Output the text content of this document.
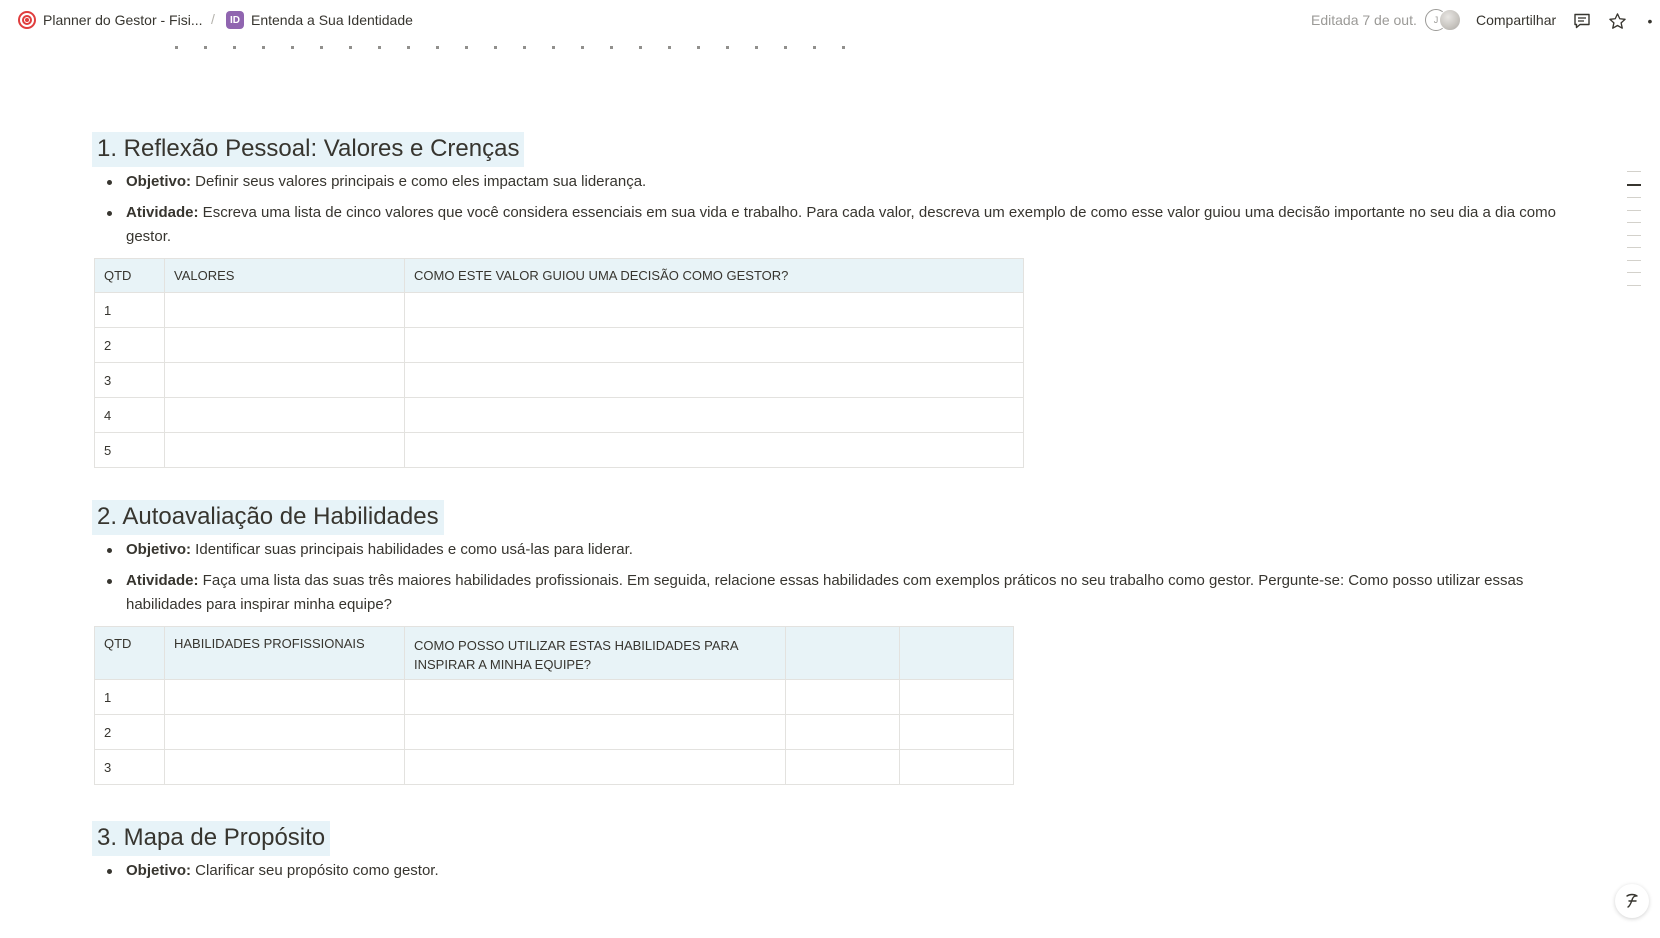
Planner do Gestor - Fisi... /	ID Entenda a Sua Identidade	Editada 7 de out.	J	Compartilhar	•
1. Reflexão Pessoal: Valores e Crenças
Objetivo: Definir seus valores principais e como eles impactam sua liderança.
Atividade: Escreva uma lista de cinco valores que você considera essenciais em sua vida e trabalho. Para cada valor, descreva um exemplo de como esse valor guiou uma decisão importante no seu dia a dia como gestor.
QTD	VALORES	COMO ESTE VALOR GUIOU UMA DECISÃO COMO GESTOR?
1		
2		
3		
4		
5		
2. Autoavaliação de Habilidades
Objetivo: Identificar suas principais habilidades e como usá-las para liderar.
Atividade: Faça uma lista das suas três maiores habilidades profissionais. Em seguida, relacione essas habilidades com exemplos práticos no seu trabalho como gestor. Pergunte-se: Como posso utilizar essas habilidades para inspirar minha equipe?
QTD	HABILIDADES PROFISSIONAIS	COMO POSSO UTILIZAR ESTAS HABILIDADES PARA INSPIRAR A MINHA EQUIPE?		
1				
2				
3				
3. Mapa de Propósito
Objetivo: Clarificar seu propósito como gestor.
